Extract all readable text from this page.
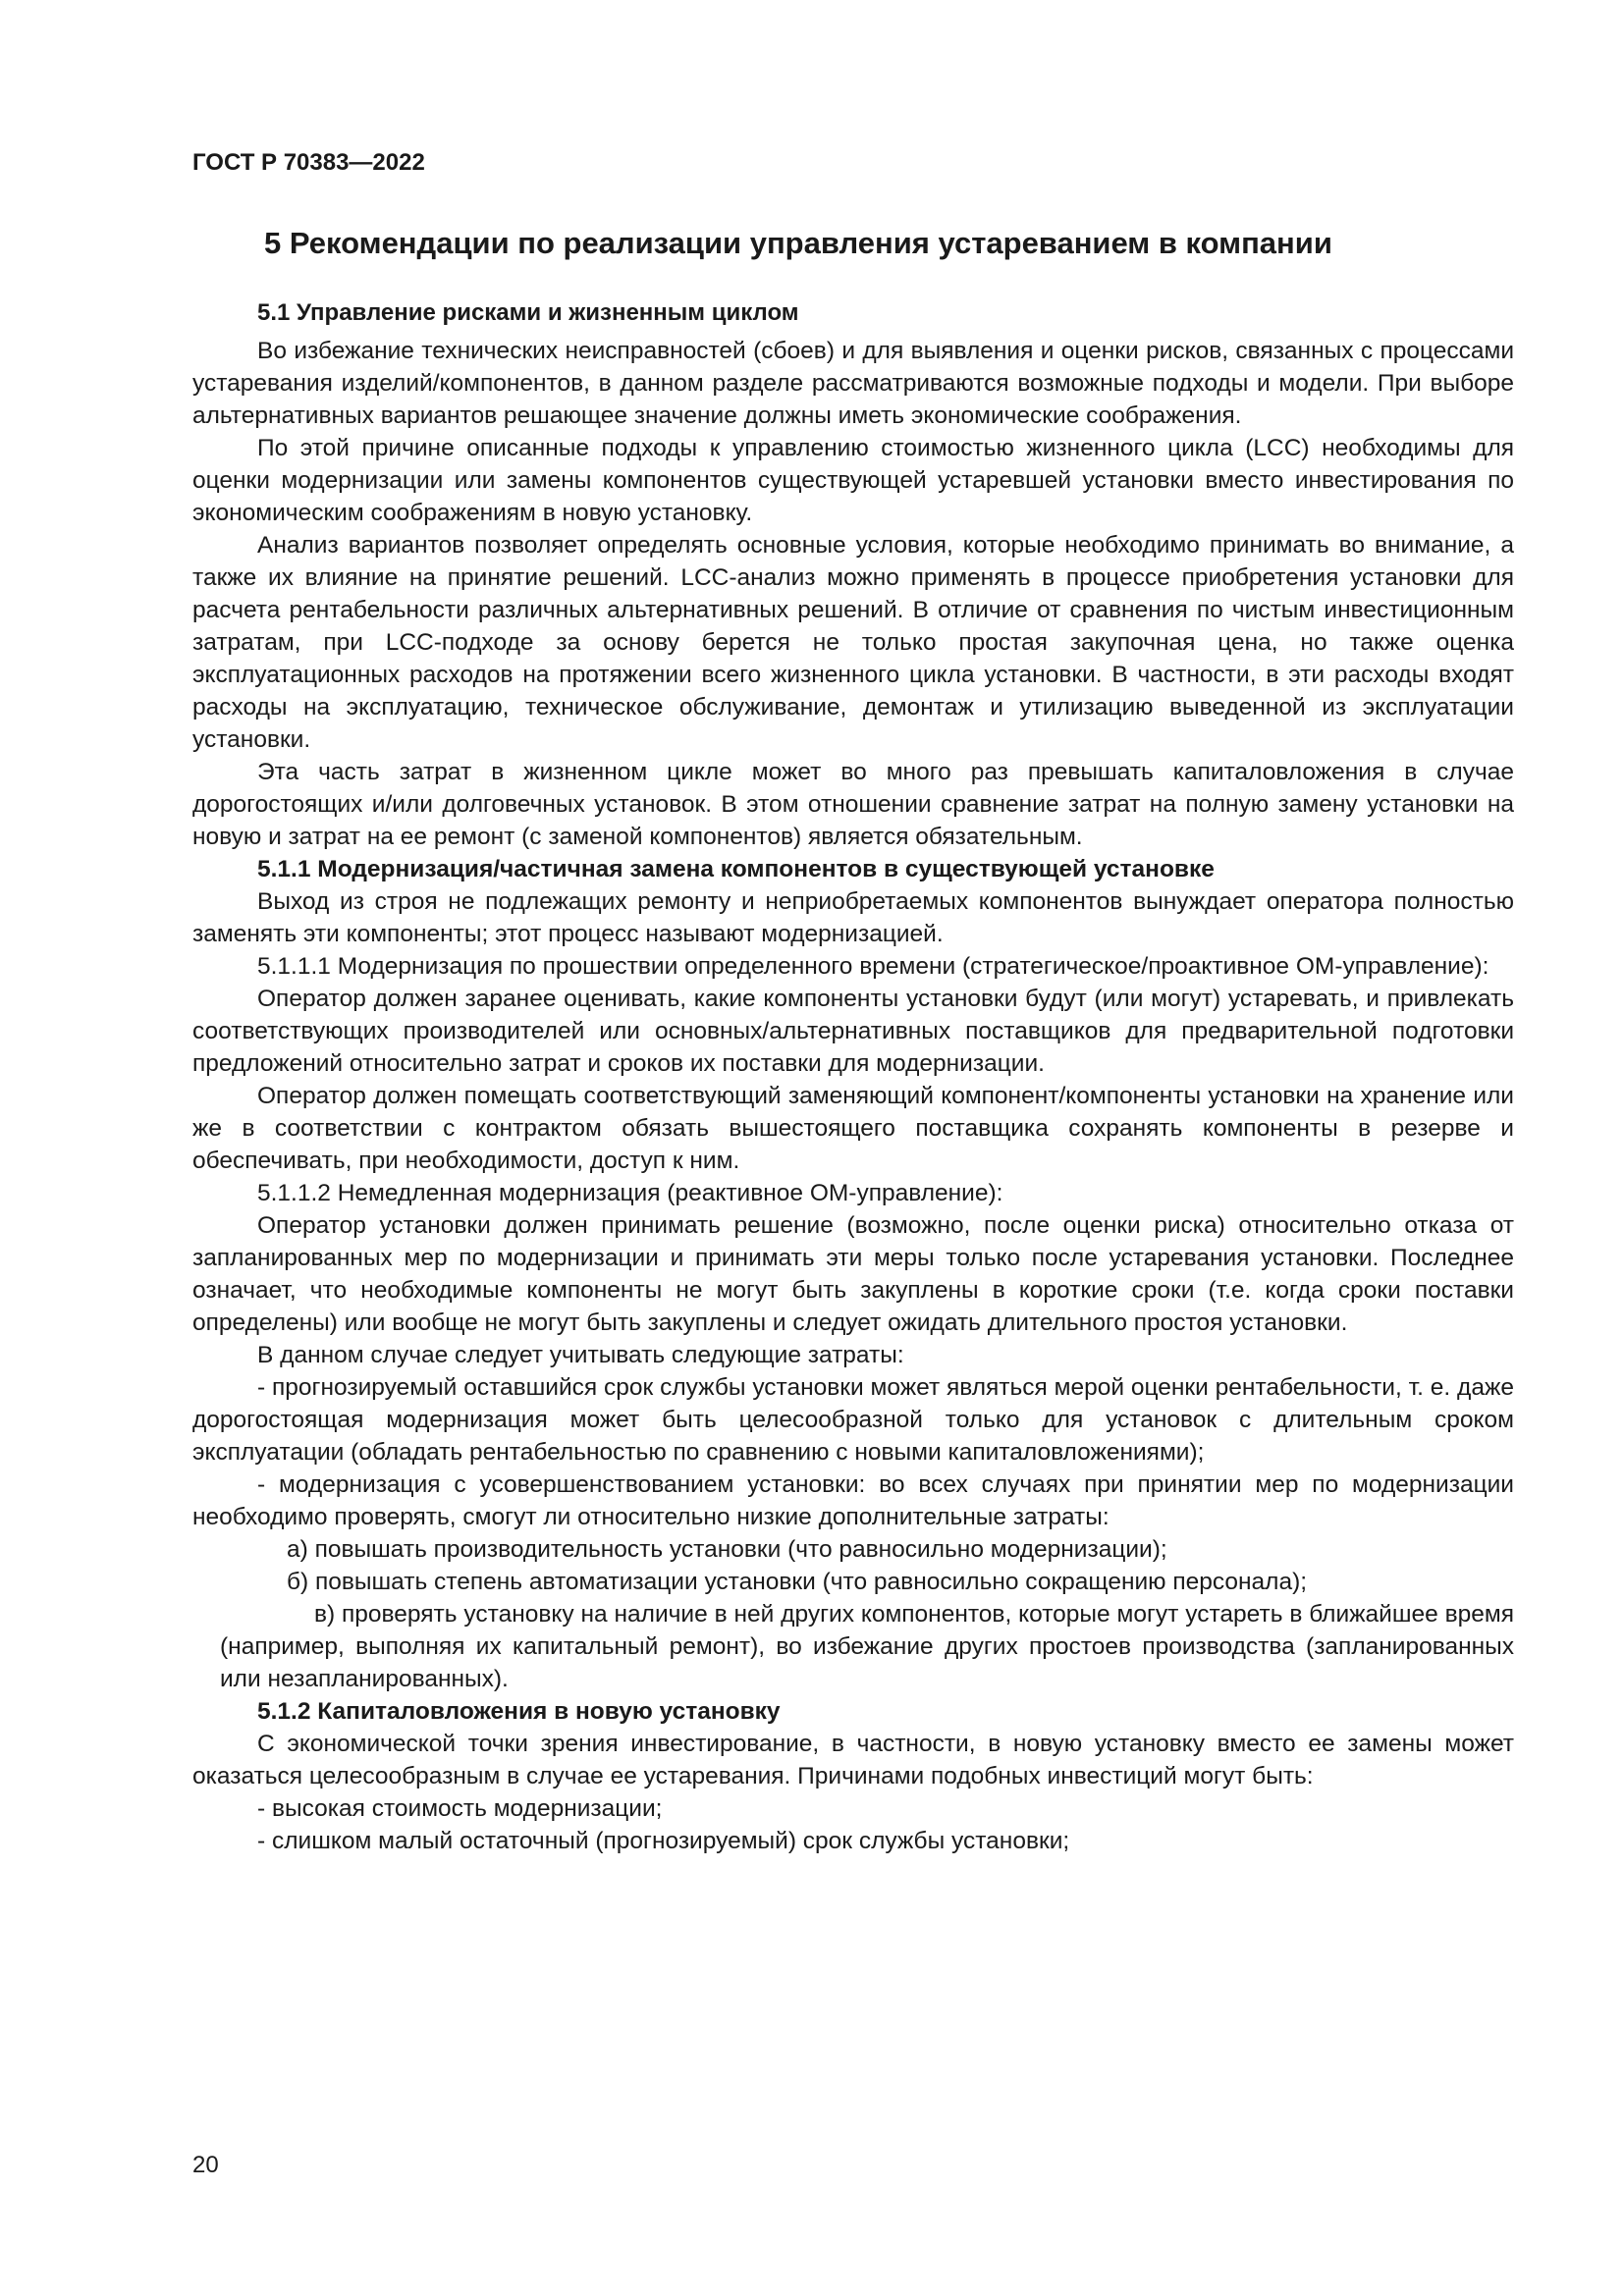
ГОСТ Р 70383—2022

5 Рекомендации по реализации управления устареванием в компании
5.1 Управление рисками и жизненным циклом

Во избежание технических неисправностей (сбоев) и для выявления и оценки рисков, связанных с процессами устаревания изделий/компонентов, в данном разделе рассматриваются возможные подходы и модели. При выборе альтернативных вариантов решающее значение должны иметь экономические соображения.

По этой причине описанные подходы к управлению стоимостью жизненного цикла (LCC) необходимы для оценки модернизации или замены компонентов существующей устаревшей установки вместо инвестирования по экономическим соображениям в новую установку.

Анализ вариантов позволяет определять основные условия, которые необходимо принимать во внимание, а также их влияние на принятие решений. LCC-анализ можно применять в процессе приобретения установки для расчета рентабельности различных альтернативных решений. В отличие от сравнения по чистым инвестиционным затратам, при LCC-подходе за основу берется не только простая закупочная цена, но также оценка эксплуатационных расходов на протяжении всего жизненного цикла установки. В частности, в эти расходы входят расходы на эксплуатацию, техническое обслуживание, демонтаж и утилизацию выведенной из эксплуатации установки.

Эта часть затрат в жизненном цикле может во много раз превышать капиталовложения в случае дорогостоящих и/или долговечных установок. В этом отношении сравнение затрат на полную замену установки на новую и затрат на ее ремонт (с заменой компонентов) является обязательным.

5.1.1 Модернизация/частичная замена компонентов в существующей установке

Выход из строя не подлежащих ремонту и неприобретаемых компонентов вынуждает оператора полностью заменять эти компоненты; этот процесс называют модернизацией.

5.1.1.1 Модернизация по прошествии определенного времени (стратегическое/проактивное ОМ-управление):

Оператор должен заранее оценивать, какие компоненты установки будут (или могут) устаревать, и привлекать соответствующих производителей или основных/альтернативных поставщиков для предварительной подготовки предложений относительно затрат и сроков их поставки для модернизации.

Оператор должен помещать соответствующий заменяющий компонент/компоненты установки на хранение или же в соответствии с контрактом обязать вышестоящего поставщика сохранять компоненты в резерве и обеспечивать, при необходимости, доступ к ним.

5.1.1.2 Немедленная модернизация (реактивное ОМ-управление):

Оператор установки должен принимать решение (возможно, после оценки риска) относительно отказа от запланированных мер по модернизации и принимать эти меры только после устаревания установки. Последнее означает, что необходимые компоненты не могут быть закуплены в короткие сроки (т.е. когда сроки поставки определены) или вообще не могут быть закуплены и следует ожидать длительного простоя установки.

В данном случае следует учитывать следующие затраты:

- прогнозируемый оставшийся срок службы установки может являться мерой оценки рентабельности, т. е. даже дорогостоящая модернизация может быть целесообразной только для установок с длительным сроком эксплуатации (обладать рентабельностью по сравнению с новыми капиталовложениями);

- модернизация с усовершенствованием установки: во всех случаях при принятии мер по модернизации необходимо проверять, смогут ли относительно низкие дополнительные затраты:

а) повышать производительность установки (что равносильно модернизации);

б) повышать степень автоматизации установки (что равносильно сокращению персонала);

в) проверять установку на наличие в ней других компонентов, которые могут устареть в ближайшее время (например, выполняя их капитальный ремонт), во избежание других простоев производства (запланированных или незапланированных).

5.1.2 Капиталовложения в новую установку

С экономической точки зрения инвестирование, в частности, в новую установку вместо ее замены может оказаться целесообразным в случае ее устаревания. Причинами подобных инвестиций могут быть:

- высокая стоимость модернизации;

- слишком малый остаточный (прогнозируемый) срок службы установки;

20
